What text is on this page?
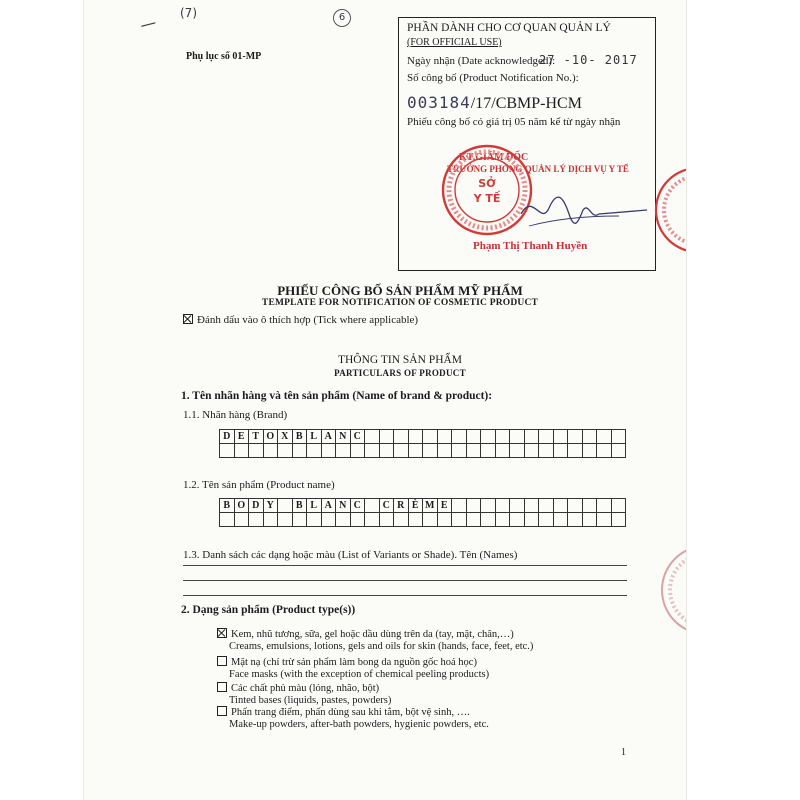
— (7)	6
Phụ lục số 01-MP
PHẦN DÀNH CHO CƠ QUAN QUẢN LÝ
(FOR OFFICIAL USE)
Ngày nhận (Date acknowledged):
27 -10- 2017
Số công bố (Product Notification No.):
003184/17/CBMP-HCM
Phiếu công bố có giá trị 05 năm kể từ ngày nhận
KT.GIÁM ĐỐC
TRƯỞNG PHÒNG QUẢN LÝ DỊCH VỤ Y TẾ
SỞ
Y TẾ
Phạm Thị Thanh Huyền
PHIẾU CÔNG BỐ SẢN PHẨM MỸ PHẨM
TEMPLATE FOR NOTIFICATION OF COSMETIC PRODUCT
Đánh dấu vào ô thích hợp (Tick where applicable)
THÔNG TIN SẢN PHẨM
PARTICULARS OF PRODUCT
1. Tên nhãn hàng và tên sản phẩm (Name of brand & product):
1.1. Nhãn hàng (Brand)
D E T O X B L A N C
1.2. Tên sản phẩm (Product name)
B O D Y	B L A N C	C R È M E
1.3. Danh sách các dạng hoặc màu (List of Variants or Shade). Tên (Names)
2. Dạng sản phẩm (Product type(s))
Kem, nhũ tương, sữa, gel hoặc dầu dùng trên da (tay, mặt, chân,…)
Creams, emulsions, lotions, gels and oils for skin (hands, face, feet, etc.)
Mặt nạ (chỉ trừ sản phẩm làm bong da nguồn gốc hoá học)
Face masks (with the exception of chemical peeling products)
Các chất phủ màu (lỏng, nhão, bột)
Tinted bases (liquids, pastes, powders)
Phấn trang điểm, phấn dùng sau khi tắm, bột vệ sinh, ….
Make-up powders, after-bath powders, hygienic powders, etc.
1
